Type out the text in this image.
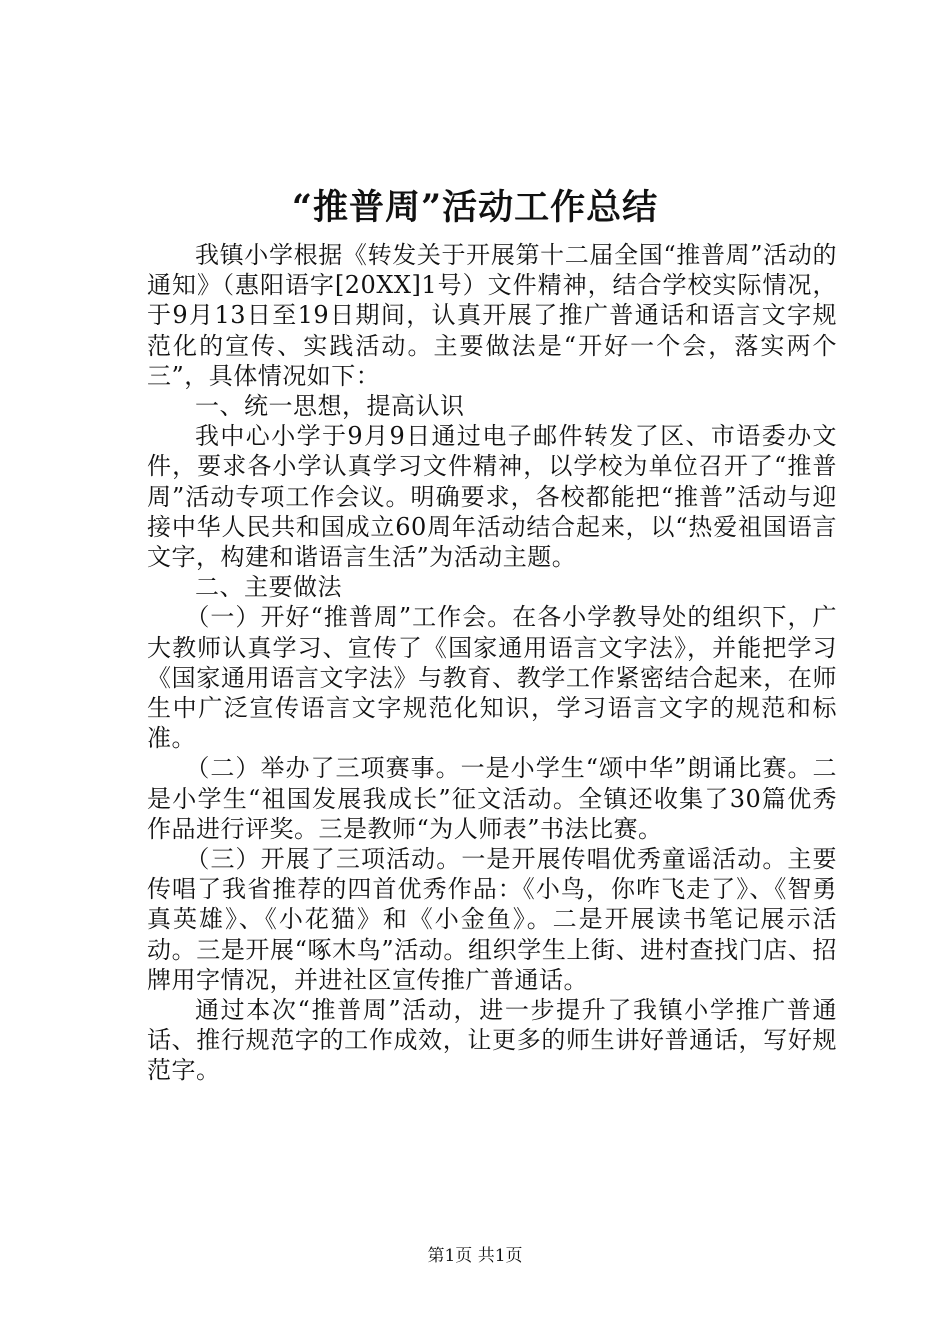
“推普周”活动工作总结

我镇小学根据《转发关于开展第十二届全国“推普周”活动的通知》（惠阳语字[20XX]1号）文件精神，结合学校实际情况，于9月13日至19日期间，认真开展了推广普通话和语言文字规范化的宣传、实践活动。主要做法是“开好一个会，落实两个三”，具体情况如下：

一、统一思想，提高认识

我中心小学于9月9日通过电子邮件转发了区、市语委办文件，要求各小学认真学习文件精神，以学校为单位召开了“推普周”活动专项工作会议。明确要求，各校都能把“推普”活动与迎接中华人民共和国成立60周年活动结合起来，以“热爱祖国语言文字，构建和谐语言生活”为活动主题。

二、主要做法

（一）开好“推普周”工作会。在各小学教导处的组织下，广大教师认真学习、宣传了《国家通用语言文字法》，并能把学习《国家通用语言文字法》与教育、教学工作紧密结合起来，在师生中广泛宣传语言文字规范化知识，学习语言文字的规范和标准。

（二）举办了三项赛事。一是小学生“颂中华”朗诵比赛。二是小学生“祖国发展我成长”征文活动。全镇还收集了30篇优秀作品进行评奖。三是教师“为人师表”书法比赛。

（三）开展了三项活动。一是开展传唱优秀童谣活动。主要传唱了我省推荐的四首优秀作品：《小鸟，你咋飞走了》、《智勇真英雄》、《小花猫》和《小金鱼》。二是开展读书笔记展示活动。三是开展“啄木鸟”活动。组织学生上街、进村查找门店、招牌用字情况，并进社区宣传推广普通话。

通过本次“推普周”活动，进一步提升了我镇小学推广普通话、推行规范字的工作成效，让更多的师生讲好普通话，写好规范字。

第1页 共1页
